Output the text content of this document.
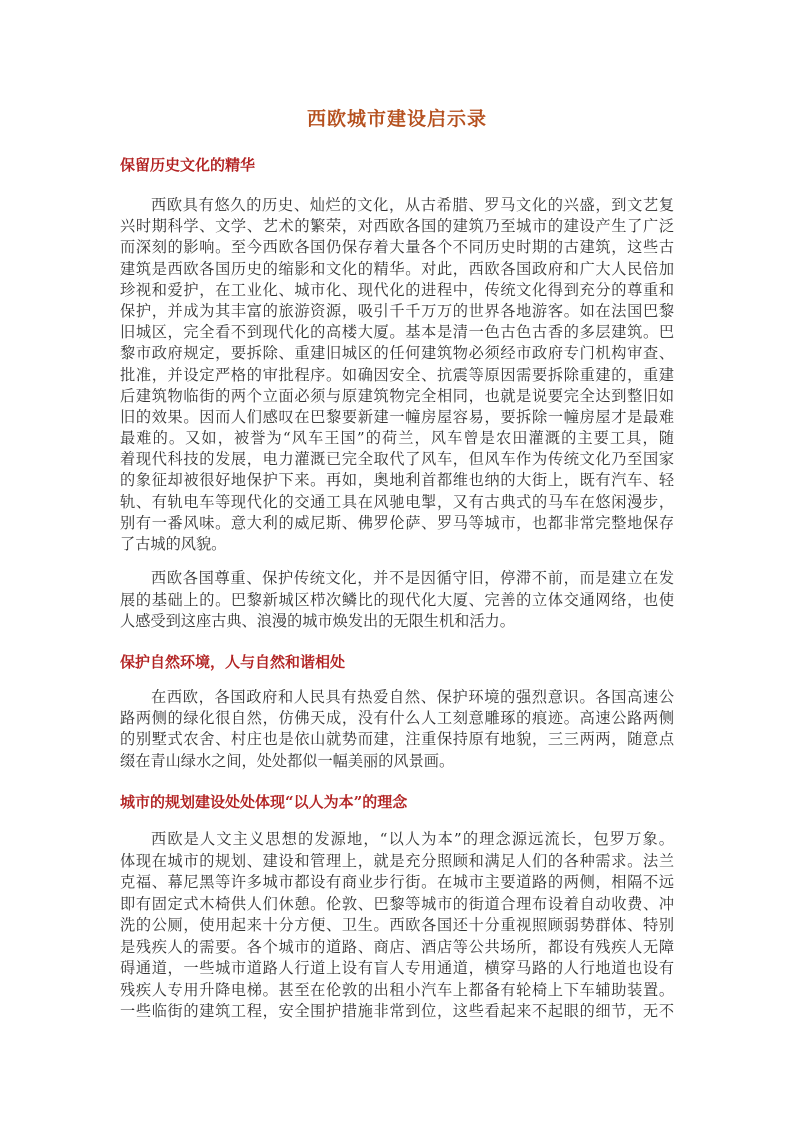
西欧城市建设启示录
保留历史文化的精华
西欧具有悠久的历史、灿烂的文化，从古希腊、罗马文化的兴盛，到文艺复
兴时期科学、文学、艺术的繁荣，对西欧各国的建筑乃至城市的建设产生了广泛
而深刻的影响。至今西欧各国仍保存着大量各个不同历史时期的古建筑，这些古
建筑是西欧各国历史的缩影和文化的精华。对此，西欧各国政府和广大人民倍加
珍视和爱护，在工业化、城市化、现代化的进程中，传统文化得到充分的尊重和
保护，并成为其丰富的旅游资源，吸引千千万万的世界各地游客。如在法国巴黎
旧城区，完全看不到现代化的高楼大厦。基本是清一色古色古香的多层建筑。巴
黎市政府规定，要拆除、重建旧城区的任何建筑物必须经市政府专门机构审查、
批准，并设定严格的审批程序。如确因安全、抗震等原因需要拆除重建的，重建
后建筑物临街的两个立面必须与原建筑物完全相同，也就是说要完全达到整旧如
旧的效果。因而人们感叹在巴黎要新建一幢房屋容易，要拆除一幢房屋才是最难
最难的。又如，被誉为“风车王国”的荷兰，风车曾是农田灌溉的主要工具，随
着现代科技的发展，电力灌溉已完全取代了风车，但风车作为传统文化乃至国家
的象征却被很好地保护下来。再如，奥地利首都维也纳的大街上，既有汽车、轻
轨、有轨电车等现代化的交通工具在风驰电掣，又有古典式的马车在悠闲漫步，
别有一番风味。意大利的威尼斯、佛罗伦萨、罗马等城市，也都非常完整地保存
了古城的风貌。
西欧各国尊重、保护传统文化，并不是因循守旧，停滞不前，而是建立在发
展的基础上的。巴黎新城区栉次鳞比的现代化大厦、完善的立体交通网络，也使
人感受到这座古典、浪漫的城市焕发出的无限生机和活力。
保护自然环境，人与自然和谐相处
在西欧，各国政府和人民具有热爱自然、保护环境的强烈意识。各国高速公
路两侧的绿化很自然，仿佛天成，没有什么人工刻意雕琢的痕迹。高速公路两侧
的别墅式农舍、村庄也是依山就势而建，注重保持原有地貌，三三两两，随意点
缀在青山绿水之间，处处都似一幅美丽的风景画。
城市的规划建设处处体现“以人为本”的理念
西欧是人文主义思想的发源地，“以人为本”的理念源远流长，包罗万象。
体现在城市的规划、建设和管理上，就是充分照顾和满足人们的各种需求。法兰
克福、幕尼黑等许多城市都设有商业步行街。在城市主要道路的两侧，相隔不远
即有固定式木椅供人们休憩。伦敦、巴黎等城市的街道合理布设着自动收费、冲
洗的公厕，使用起来十分方便、卫生。西欧各国还十分重视照顾弱势群体、特别
是残疾人的需要。各个城市的道路、商店、酒店等公共场所，都设有残疾人无障
碍通道，一些城市道路人行道上设有盲人专用通道，横穿马路的人行地道也设有
残疾人专用升降电梯。甚至在伦敦的出租小汽车上都备有轮椅上下车辅助装置。
一些临街的建筑工程，安全围护措施非常到位，这些看起来不起眼的细节，无不
